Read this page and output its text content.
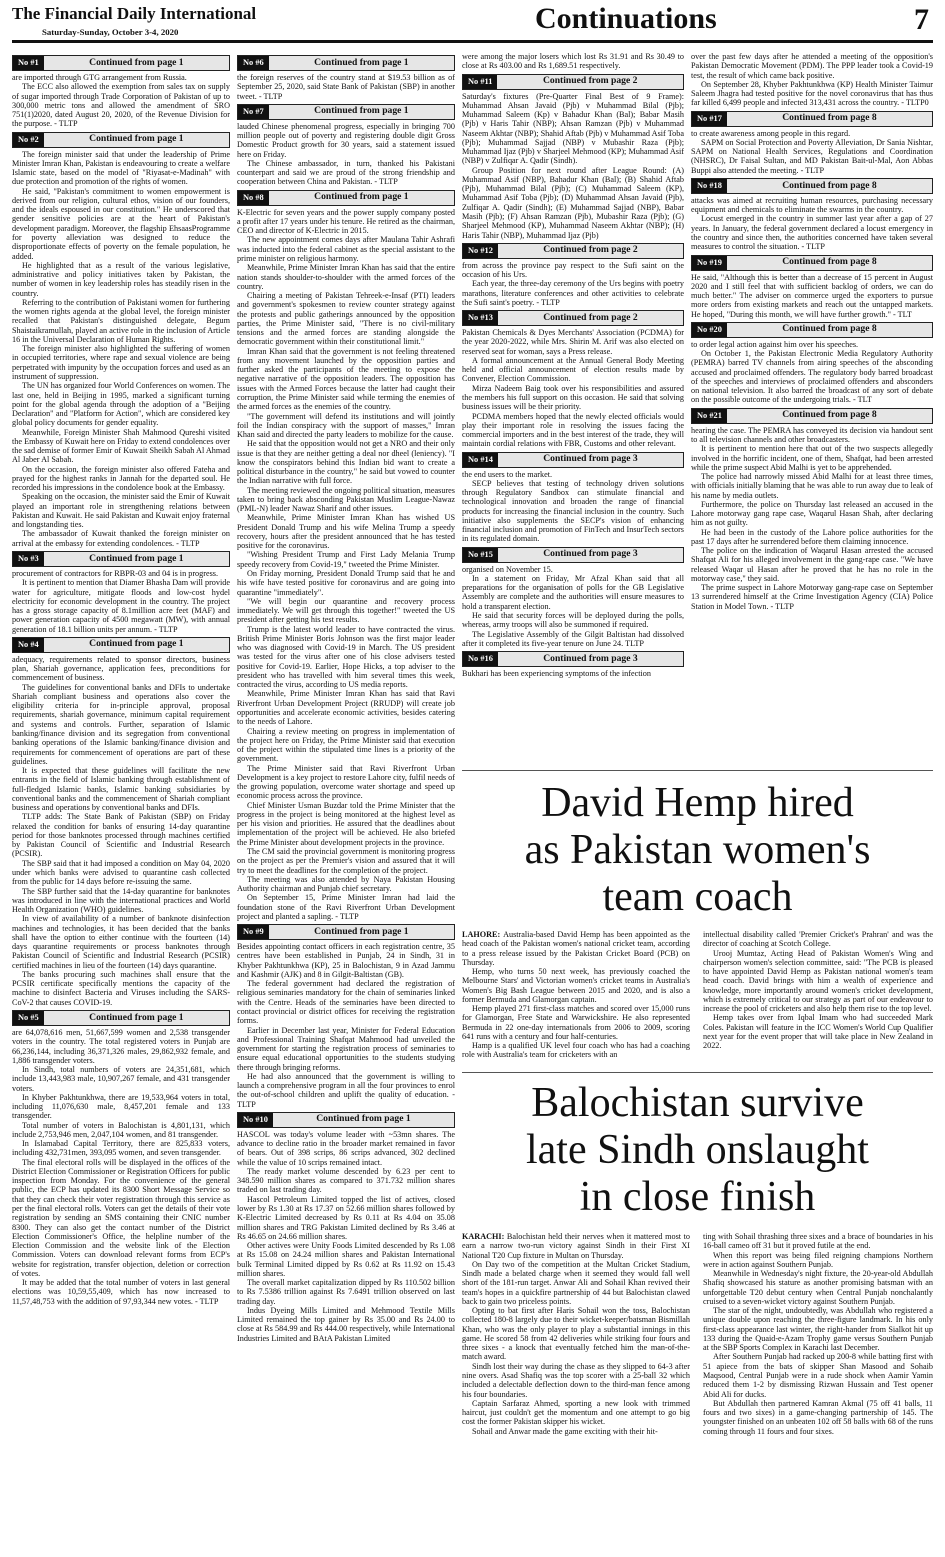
The Financial Daily International
Saturday-Sunday, October 3-4, 2020	Continuations	7
No #1	Continued from page 1

are imported through GTG arrangement from Russia.

The ECC also allowed the exemption from sales tax on supply of sugar imported through Trade Corporation of Pakistan of up to 300,000 metric tons and allowed the amendment of SRO 751(1)2020, dated August 20, 2020, of the Revenue Division for the purpose. - TLTP

No #2	Continued from page 1

The foreign minister said that under the leadership of Prime Minister Imran Khan, Pakistan is endeavouring to create a welfare Islamic state, based on the model of "Riyasat-e-Madinah" with due protection and promotion of the rights of women.

He said, "Pakistan's commitment to women empowerment is derived from our religion, cultural ethos, vision of our founders, and the ideals espoused in our constitution." He underscored that gender sensitive policies are at the heart of Pakistan's development paradigm. Moreover, the flagship EhsaasProgramme for poverty alleviation was designed to reduce the disproportionate effects of poverty on the female population, he added.

He highlighted that as a result of the various legislative, administrative and policy initiatives taken by Pakistan, the number of women in key leadership roles has steadily risen in the country.

Referring to the contribution of Pakistani women for furthering the women rights agenda at the global level, the foreign minister recalled that Pakistan's distinguished delegate, Begum Shaistaikramullah, played an active role in the inclusion of Article 16 in the Universal Declaration of Human Rights.

The foreign minister also highlighted the suffering of women in occupied territories, where rape and sexual violence are being perpetrated with impunity by the occupation forces and used as an instrument of suppression.

The UN has organized four World Conferences on women. The last one, held in Beijing in 1995, marked a significant turning point for the global agenda through the adoption of a "Beijing Declaration" and "Platform for Action", which are considered key global policy documents for gender equality.

Meanwhile, Foreign Minister Shah Mahmood Qureshi visited the Embassy of Kuwait here on Friday to extend condolences over the sad demise of former Emir of Kuwait Sheikh Sabah Al Ahmad Al Jaber Al Sabah.

On the occasion, the foreign minister also offered Fateha and prayed for the highest ranks in Jannah for the departed soul. He recorded his impressions in the condolence book at the Embassy.

Speaking on the occasion, the minister said the Emir of Kuwait played an important role in strengthening relations between Pakistan and Kuwait. He said Pakistan and Kuwait enjoy fraternal and longstanding ties.

The ambassador of Kuwait thanked the foreign minister on arrival at the embassy for extending condolences. - TLTP

No #3	Continued from page 1

procurement of contractors for RBPR-03 and 04 is in progress.

It is pertinent to mention that Diamer Bhasha Dam will provide water for agriculture, mitigate floods and low-cost hydel electricity for economic development in the country. The project has a gross storage capacity of 8.1million acre feet (MAF) and power generation capacity of 4500 megawatt (MW), with annual generation of 18.1 billion units per annum. - TLTP

No #4	Continued from page 1

adequacy, requirements related to sponsor directors, business plan, Shariah governance, application fees, preconditions for commencement of business.

The guidelines for conventional banks and DFIs to undertake Shariah compliant business and operations also cover the eligibility criteria for in-principle approval, proposal requirements, shariah governance, minimum capital requirement and systems and controls. Further, separation of Islamic banking/finance division and its segregation from conventional banking operations of the Islamic banking/finance division and requirements for commencement of operations are part of these guidelines.

It is expected that these guidelines will facilitate the new entrants in the field of Islamic banking through establishment of full-fledged Islamic banks, Islamic banking subsidiaries by conventional banks and the commencement of Shariah compliant business and operations by conventional banks and DFIs.

TLTP adds: The State Bank of Pakistan (SBP) on Friday relaxed the condition for banks of ensuring 14-day quarantine period for those banknotes processed through machines certified by Pakistan Council of Scientific and Industrial Research (PCSIR).

The SBP said that it had imposed a condition on May 04, 2020 under which banks were advised to quarantine cash collected from the public for 14 days before re-issuing the same.

The SBP further said that the 14-day quarantine for banknotes was introduced in line with the international practices and World Health Organization (WHO) guidelines.

In view of availability of a number of banknote disinfection machines and technologies, it has been decided that the banks shall have the option to either continue with the fourteen (14) days quarantine requirements or process banknotes through Pakistan Council of Scientific and Industrial Research (PCSIR) certified machines in lieu of the fourteen (14) days quarantine.

The banks procuring such machines shall ensure that the PCSIR certificate specifically mentions the capacity of the machine to disinfect Bacteria and Viruses including the SARS-CoV-2 that causes COVID-19.

No #5	Continued from page 1

are 64,078,616 men, 51,667,599 women and 2,538 transgender voters in the country. The total registered voters in Punjab are 66,236,144, including 36,371,326 males, 29,862,932 female, and 1,886 transgender voters.

In Sindh, total numbers of voters are 24,351,681, which include 13,443,983 male, 10,907,267 female, and 431 transgender voters.

In Khyber Pakhtunkhwa, there are 19,533,964 voters in total, including 11,076,630 male, 8,457,201 female and 133 transgender.

Total number of voters in Balochistan is 4,801,131, which include 2,753,946 men, 2,047,104 women, and 81 transgender.

In Islamabad Capital Territory, there are 825,833 voters, including 432,731men, 393,095 women, and seven transgender.

The final electoral rolls will be displayed in the offices of the District Election Commissioner or Registration Officers for public inspection from Monday. For the convenience of the general public, the ECP has updated its 8300 Short Message Service so that they can check their voter registration through this service as per the final electoral rolls. Voters can get the details of their vote registration by sending an SMS containing their CNIC number 8300. They can also get the contact number of the District Election Commissioner's Office, the helpline number of the Election Commission and the website link of the Election Commission. Voters can download relevant forms from ECP's website for registration, transfer objection, deletion or correction of votes.

It may be added that the total number of voters in last general elections was 10,59,55,409, which has now increased to 11,57,48,753 with the addition of 97,93,344 new votes. - TLTP

No #6	Continued from page 1

the foreign reserves of the country stand at $19.53 billion as of September 25, 2020, said State Bank of Pakistan (SBP) in another tweet. - TLTP

No #7	Continued from page 1

lauded Chinese phenomenal progress, especially in bringing 700 million people out of poverty and registering double digit Gross Domestic Product growth for 30 years, said a statement issued here on Friday.

The Chinese ambassador, in turn, thanked his Pakistani counterpart and said we are proud of the strong friendship and cooperation between China and Pakistan. - TLTP

No #8	Continued from page 1

K-Electric for seven years and the power supply company posted a profit after 17 years under his tenure. He retired as the chairman, CEO and director of K-Electric in 2015.

The new appointment comes days after Maulana Tahir Ashrafi was inducted into the federal cabinet as the special assistant to the prime minister on religious harmony.

Meanwhile, Prime Minister Imran Khan has said that the entire nation stands shoulder-to-shoulder with the armed forces of the country.

Chairing a meeting of Pakistan Tehreek-e-Insaf (PTI) leaders and government's spokesmen to review counter strategy against the protests and public gatherings announced by the opposition parties, the Prime Minister said, "There is no civil-military tensions and the armed forces are standing alongside the democratic government within their constitutional limit."

Imran Khan said that the government is not feeling threatened from any movement launched by the opposition parties and further asked the participants of the meeting to expose the negative narrative of the opposition leaders. The opposition has issues with the Armed Forces because the latter had caught their corruption, the Prime Minister said while terming the enemies of the armed forces as the enemies of the country.

"The government will defend its institutions and will jointly foil the Indian conspiracy with the support of masses," Imran Khan said and directed the party leaders to mobilize for the cause.

He said that the opposition would not get a NRO and their only issue is that they are neither getting a deal nor dheel (leniency). "I know the conspirators behind this Indian bid want to create a political disturbance in the country," he said but vowed to counter the Indian narrative with full force.

The meeting reviewed the ongoing political situation, measures taken to bring back absconding Pakistan Muslim League-Nawaz (PML-N) leader Nawaz Sharif and other issues.

Meanwhile, Prime Minister Imran Khan has wished US President Donald Trump and his wife Melina Trump a speedy recovery, hours after the president announced that he has tested positive for the coronavirus.

"Wishing President Trump and First Lady Melania Trump speedy recovery from Covid-19," tweeted the Prime Minister.

On Friday morning, President Donald Trump said that he and his wife have tested positive for coronavirus and are going into quarantine "immediately".

"We will begin our quarantine and recovery process immediately. We will get through this together!" tweeted the US president after getting his test results.

Trump is the latest world leader to have contracted the virus. British Prime Minister Boris Johnson was the first major leader who was diagnosed with Covid-19 in March. The US president was tested for the virus after one of his close advisers tested positive for Covid-19. Earlier, Hope Hicks, a top adviser to the president who has travelled with him several times this week, contracted the virus, according to US media reports.

Meanwhile, Prime Minister Imran Khan has said that Ravi Riverfront Urban Development Project (RRUDP) will create job opportunities and accelerate economic activities, besides catering to the needs of Lahore.

Chairing a review meeting on progress in implementation of the project here on Friday, the Prime Minister said that execution of the project within the stipulated time lines is a priority of the government.

The Prime Minister said that Ravi Riverfront Urban Development is a key project to restore Lahore city, fulfil needs of the growing population, overcome water shortage and speed up economic process across the province.

Chief Minister Usman Buzdar told the Prime Minister that the progress in the project is being monitored at the highest level as per his vision and priorities. He assured that the deadlines about implementation of the project will be achieved. He also briefed the Prime Minister about development projects in the province.

The CM said the provincial government is monitoring progress on the project as per the Premier's vision and assured that it will try to meet the deadlines for the completion of the project.

The meeting was also attended by Naya Pakistan Housing Authority chairman and Punjab chief secretary.

On September 15, Prime Minister Imran had laid the foundation stone of the Ravi Riverfront Urban Development project and planted a sapling. - TLTP

No #9	Continued from page 1

Besides appointing contact officers in each registration centre, 35 centres have been established in Punjab, 24 in Sindh, 31 in Khyber Pakhtunkhwa (KP), 25 in Balochistan, 9 in Azad Jammu and Kashmir (AJK) and 8 in Gilgit-Baltistan (GB).

The federal government had declared the registration of religious seminaries mandatory for the chain of seminaries linked with the Centre. Heads of the seminaries have been directed to contact provincial or district offices for receiving the registration forms.

Earlier in December last year, Minister for Federal Education and Professional Training Shafqat Mahmood had unveiled the government for starting the registration process of seminaries to ensure equal educational opportunities to the students studying there through bringing reforms.

He had also announced that the government is willing to launch a comprehensive program in all the four provinces to enrol the out-of-school children and uplift the quality of education. - TLTP

No #10	Continued from page 1

HASCOL was today's volume leader with ~53mn shares. The advance to decline ratio in the broader market remained in favor of bears. Out of 398 scrips, 86 scrips advanced, 302 declined while the value of 10 scrips remained intact.

The ready market volume descended by 6.23 per cent to 348.590 million shares as compared to 371.732 million shares traded on last trading day.

Hascol Petroleum Limited topped the list of actives, closed lower by Rs 1.30 at Rs 17.37 on 52.66 million shares followed by K-Electric Limited decreased by Rs 0.11 at Rs 4.04 on 35.08 million shares and TRG Pakistan Limited declined by Rs 3.46 at Rs 46.65 on 24.66 million shares.

Other actives were Unity Foods Limited descended by Rs 1.08 at Rs 15.08 on 24.24 million shares and Pakistan International bulk Terminal Limited dipped by Rs 0.62 at Rs 11.92 on 15.43 million shares.

The overall market capitalization dipped by Rs 110.502 billion to Rs 7.5386 trillion against Rs 7.6491 trillion observed on last trading day.

Indus Dyeing Mills Limited and Mehmood Textile Mills Limited remained the top gainer by Rs 35.00 and Rs 24.00 to close at Rs 584.99 and Rs 444.00 respectively, while International Industries Limited and BAtA Pakistan Limited

were among the major losers which lost Rs 31.91 and Rs 30.49 to close at Rs 403.00 and Rs 1,689.51 respectively.

No #11	Continued from page 2

Saturday's fixtures (Pre-Quarter Final Best of 9 Frame): Muhammad Ahsan Javaid (Pjb) v Muhammad Bilal (Pjb); Muhammad Saleem (Kp) v Bahadur Khan (Bal); Babar Masih (Pjb) v Haris Tahir (NBP); Ahsan Ramzan (Pjb) v Muhammad Naseem Akhtar (NBP); Shahid Aftab (Pjb) v Muhammad Asif Toba (Pjb); Muhammad Sajjad (NBP) v Mubashir Raza (Pjb); Muhammad Ijaz (Pjb) v Sharjeel Mehmood (KP); Muhammad Asif (NBP) v Zulfiqar A. Qadir (Sindh).

Group Position for next round after League Round: (A) Muhammad Asif (NBP), Bahadur Khan (Bal); (B) Shahid Aftab (Pjb), Muhammad Bilal (Pjb); (C) Muhammad Saleem (KP), Muhammad Asif Toba (Pjb); (D) Muhammad Ahsan Javaid (Pjb), Zulfiqar A. Qadir (Sindh); (E) Muhammad Sajjad (NBP), Babar Masih (Pjb); (F) Ahsan Ramzan (Pjb), Mubashir Raza (Pjb); (G) Sharjeel Mehmood (KP), Muhammad Naseem Akhtar (NBP); (H) Haris Tahir (NBP), Muhammad Ijaz (Pjb)

No #12	Continued from page 2

from across the province pay respect to the Sufi saint on the occasion of his Urs.

Each year, the three-day ceremony of the Urs begins with poetry marathons, literature conferences and other activities to celebrate the Sufi saint's poetry. - TLTP

No #13	Continued from page 2

Pakistan Chemicals & Dyes Merchants' Association (PCDMA) for the year 2020-2022, while Mrs. Shirin M. Arif was also elected on reserved seat for woman, says a Press release.

A formal announcement at the Annual General Body Meeting held and official announcement of election results made by Convener, Election Commission.

Mirza Nadeem Baig took over his responsibilities and assured the members his full support on this occasion. He said that solving business issues will be their priority.

PCDMA members hoped that the newly elected officials would play their important role in resolving the issues facing the commercial importers and in the best interest of the trade, they will maintain cordial relations with FBR, Customs and other relevant.

No #14	Continued from page 3

the end users to the market.

SECP believes that testing of technology driven solutions through Regulatory Sandbox can stimulate financial and technological innovation and broaden the range of financial products for increasing the financial inclusion in the country. Such initiative also supplements the SECP's vision of enhancing financial inclusion and promotion of FinTech and InsurTech sectors in its regulated domain.

No #15	Continued from page 3

organised on November 15.

In a statement on Friday, Mr Afzal Khan said that all preparations for the organisation of polls for the GB Legislative Assembly are complete and the authorities will ensure measures to hold a transparent election.

He said that security forces will be deployed during the polls, whereas, army troops will also be summoned if required.

The Legislative Assembly of the Gilgit Baltistan had dissolved after it completed its five-year tenure on June 24. TLTP

No #16	Continued from page 3

Bukhari has been experiencing symptoms of the infection

over the past few days after he attended a meeting of the opposition's Pakistan Democratic Movement (PDM). The PPP leader took a Covid-19 test, the result of which came back positive.

On September 28, Khyber Pakhtunkhwa (KP) Health Minister Taimur Saleem Jhagra had tested positive for the novel coronavirus that has thus far killed 6,499 people and infected 313,431 across the country. - TLTP0

No #17	Continued from page 8

to create awareness among people in this regard.

SAPM on Social Protection and Poverty Alleviation, Dr Sania Nishtar, SAPM on National Health Services, Regulations and Coordination (NHSRC), Dr Faisal Sultan, and MD Pakistan Bait-ul-Mal, Aon Abbas Buppi also attended the meeting. - TLTP

No #18	Continued from page 8

attacks was aimed at recruiting human resources, purchasing necessary equipment and chemicals to eliminate the swarms in the country.

Locust emerged in the country in summer last year after a gap of 27 years. In January, the federal government declared a locust emergency in the country and since then, the authorities concerned have taken several measures to control the situation. - TLTP

No #19	Continued from page 8

He said, "Although this is better than a decrease of 15 percent in August 2020 and I still feel that with sufficient backlog of orders, we can do much better." The adviser on commerce urged the exporters to pursue more orders from existing markets and reach out the untapped markets. He hoped, "During this month, we will have further growth." - TLT

No #20	Continued from page 8

to order legal action against him over his speeches.

On October 1, the Pakistan Electronic Media Regulatory Authority (PEMRA) barred TV channels from airing speeches of the absconding accused and proclaimed offenders. The regulatory body barred broadcast of the speeches and interviews of proclaimed offenders and absconders on national television. It also barred the broadcast of any sort of debate on the possible outcome of the undergoing trials. - TLT

No #21	Continued from page 8

hearing the case. The PEMRA has conveyed its decision via handout sent to all television channels and other broadcasters.

It is pertinent to mention here that out of the two suspects allegedly involved in the horrific incident, one of them, Shafqat, had been arrested while the prime suspect Abid Malhi is yet to be apprehended.

The police had narrowly missed Abid Malhi for at least three times, with officials initially blaming that he was able to run away due to leak of his name by media outlets.

Furthermore, the police on Thursday last released an accused in the Lahore motorway gang rape case, Waqarul Hasan Shah, after declaring him as not guilty.

He had been in the custody of the Lahore police authorities for the past 17 days after he surrendered before them claiming innocence.

The police on the indication of Waqarul Hasan arrested the accused Shafqat Ali for his alleged involvement in the gang-rape case. "We have released Waqar ul Hasan after he proved that he has no role in the motorway case," they said.

The prime suspect in Lahore Motorway gang-rape case on September 13 surrendered himself at the Crime Investigation Agency (CIA) Police Station in Model Town. - TLTP

David Hemp hired
as Pakistan women's
team coach

LAHORE: Australia-based David Hemp has been appointed as the head coach of the Pakistan women's national cricket team, according to a press release issued by the Pakistan Cricket Board (PCB) on Thursday.

Hemp, who turns 50 next week, has previously coached the Melbourne Stars' and Victorian women's cricket teams in Australia's Women's Big Bash League between 2015 and 2020, and is also a former Bermuda and Glamorgan captain.

Hemp played 271 first-class matches and scored over 15,000 runs for Glamorgan, Free State and Warwickshire. He also represented Bermuda in 22 one-day internationals from 2006 to 2009, scoring 641 runs with a century and four half-centuries.

Hamp is a qualified UK level four coach who has had a coaching role with Australia's team for cricketers with an

intellectual disability called 'Premier Cricket's Prahran' and was the director of coaching at Scotch College.

Urooj Mumtaz, Acting Head of Pakistan Women's Wing and chairperson women's selection committee, said: "The PCB is pleased to have appointed David Hemp as Pakistan national women's team head coach. David brings with him a wealth of experience and knowledge, more importantly around women's cricket development, which is extremely critical to our strategy as part of our endeavour to increase the pool of cricketers and also help them rise to the top level.

Hemp takes over from Iqbal Imam who had succeeded Mark Coles. Pakistan will feature in the ICC Women's World Cup Qualifier next year for the event proper that will take place in New Zealand in 2022.

Balochistan survive
late Sindh onslaught
in close finish

KARACHI: Balochistan held their nerves when it mattered most to earn a narrow two-run victory against Sindh in their First XI National T20 Cup fixture in Multan on Thursday.

On Day two of the competition at the Multan Cricket Stadium, Sindh made a belated charge when it seemed they would fall well short of the 181-run target. Anwar Ali and Sohail Khan revived their team's hopes in a quickfire partnership of 44 but Balochistan clawed back to gain two priceless points.

Opting to bat first after Haris Sohail won the toss, Balochistan collected 180-8 largely due to their wicket-keeper/batsman Bismillah Khan, who was the only player to play a substantial innings in this game. He scored 58 from 42 deliveries while striking four fours and three sixes - a knock that eventually fetched him the man-of-the-match award.

Sindh lost their way during the chase as they slipped to 64-3 after nine overs. Asad Shafiq was the top scorer with a 25-ball 32 which included a delectable deflection down to the third-man fence among his four boundaries.

Captain Sarfaraz Ahmed, sporting a new look with trimmed haircut, just couldn't get the momentum and one attempt to go big cost the former Pakistan skipper his wicket.

Sohail and Anwar made the game exciting with their hit-

ting with Sohail thrashing three sixes and a brace of boundaries in his 16-ball cameo off 31 but it proved futile at the end.

When this report was being filed reigning champions Northern were in action against Southern Punjab.

Meanwhile in Wednesday's night fixture, the 20-year-old Abdullah Shafiq showcased his stature as another promising batsman with an unforgettable T20 debut century when Central Punjab nonchalantly cruised to a seven-wicket victory against Southern Punjab.

The star of the night, undoubtedly, was Abdullah who registered a unique double upon reaching the three-figure landmark. In his only first-class appearance last winter, the right-hander from Sialkot hit up 133 during the Quaid-e-Azam Trophy game versus Southern Punjab at the SBP Sports Complex in Karachi last December.

After Southern Punjab had racked up 200-8 while batting first with 51 apiece from the bats of skipper Shan Masood and Sohaib Maqsood, Central Punjab were in a rude shock when Aamir Yamin reduced them 1-2 by dismissing Rizwan Hussain and Test opener Abid Ali for ducks.

But Abdullah then partnered Kamran Akmal (75 off 41 balls, 11 fours and two sixes) in a game-changing partnership of 145. The youngster finished on an unbeaten 102 off 58 balls with 68 of the runs coming through 11 fours and four sixes.
